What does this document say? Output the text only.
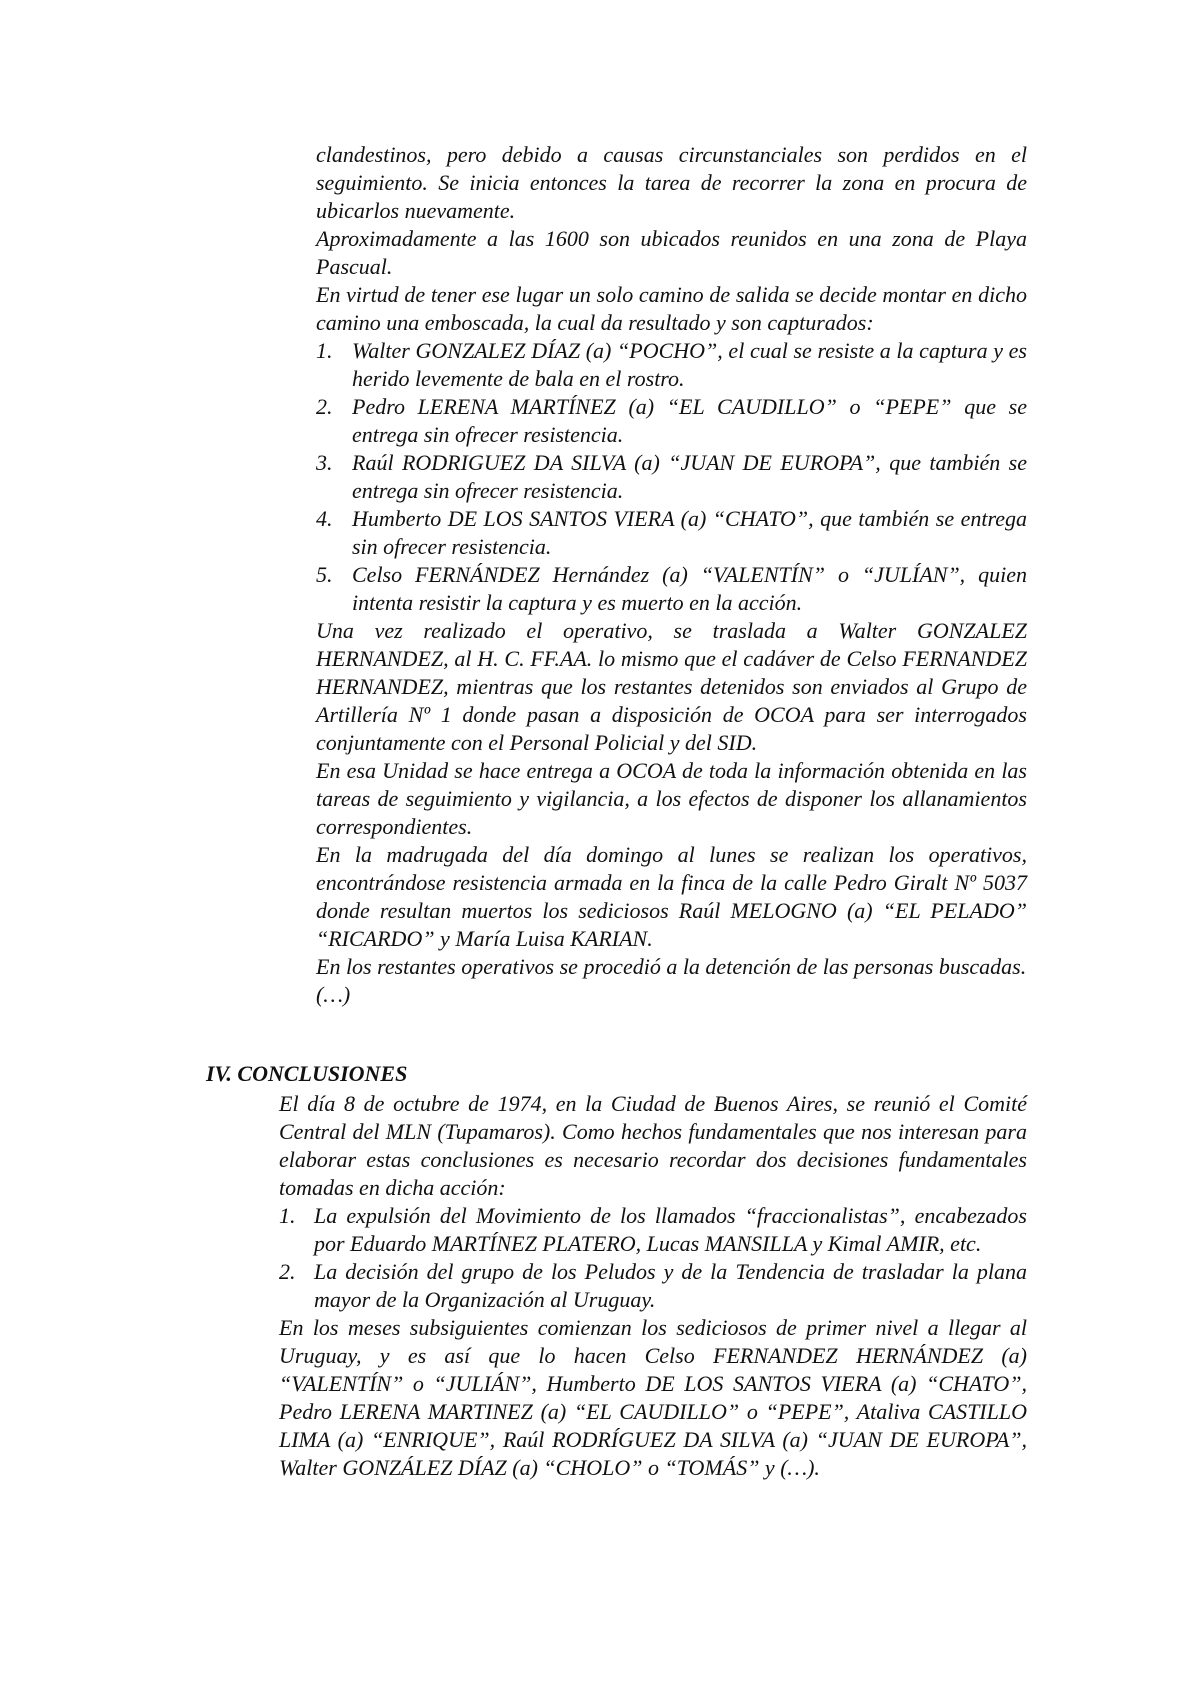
clandestinos, pero debido a causas circunstanciales son perdidos en el seguimiento. Se inicia entonces la tarea de recorrer la zona en procura de ubicarlos nuevamente.
Aproximadamente a las 1600 son ubicados reunidos en una zona de Playa Pascual.
En virtud de tener ese lugar un solo camino de salida se decide montar en dicho camino una emboscada, la cual da resultado y son capturados:
1. Walter GONZALEZ DÍAZ (a) “POCHO”, el cual se resiste a la captura y es herido levemente de bala en el rostro.
2. Pedro LERENA MARTÍNEZ (a) “EL CAUDILLO” o “PEPE” que se entrega sin ofrecer resistencia.
3. Raúl RODRIGUEZ DA SILVA (a) “JUAN DE EUROPA”, que también se entrega sin ofrecer resistencia.
4. Humberto DE LOS SANTOS VIERA (a) “CHATO”, que también se entrega sin ofrecer resistencia.
5. Celso FERNÁNDEZ Hernández (a) “VALENTÍN” o “JULÍAN”, quien intenta resistir la captura y es muerto en la acción.
Una vez realizado el operativo, se traslada a Walter GONZALEZ HERNANDEZ, al H. C. FF.AA. lo mismo que el cadáver de Celso FERNANDEZ HERNANDEZ, mientras que los restantes detenidos son enviados al Grupo de Artillería Nº 1 donde pasan a disposición de OCOA para ser interrogados conjuntamente con el Personal Policial y del SID.
En esa Unidad se hace entrega a OCOA de toda la información obtenida en las tareas de seguimiento y vigilancia, a los efectos de disponer los allanamientos correspondientes.
En la madrugada del día domingo al lunes se realizan los operativos, encontrándose resistencia armada en la finca de la calle Pedro Giralt Nº 5037 donde resultan muertos los sediciosos Raúl MELOGNO (a) “EL PELADO” “RICARDO” y María Luisa KARIAN.
En los restantes operativos se procedió a la detención de las personas buscadas.
(…)
IV. CONCLUSIONES
El día 8 de octubre de 1974, en la Ciudad de Buenos Aires, se reunió el Comité Central del MLN (Tupamaros). Como hechos fundamentales que nos interesan para elaborar estas conclusiones es necesario recordar dos decisiones fundamentales tomadas en dicha acción:
1. La expulsión del Movimiento de los llamados “fraccionalistas”, encabezados por Eduardo MARTÍNEZ PLATERO, Lucas MANSILLA y Kimal AMIR, etc.
2. La decisión del grupo de los Peludos y de la Tendencia de trasladar la plana mayor de la Organización al Uruguay.
En los meses subsiguientes comienzan los sediciosos de primer nivel a llegar al Uruguay, y es así que lo hacen Celso FERNANDEZ HERNÁNDEZ (a) “VALENTÍN” o “JULIÁN”, Humberto DE LOS SANTOS VIERA (a) “CHATO”, Pedro LERENA MARTINEZ (a) “EL CAUDILLO” o “PEPE”, Ataliva CASTILLO LIMA (a) “ENRIQUE”, Raúl RODRÍGUEZ DA SILVA (a) “JUAN DE EUROPA”, Walter GONZÁLEZ DÍAZ (a) “CHOLO” o “TOMÁS” y (…).
